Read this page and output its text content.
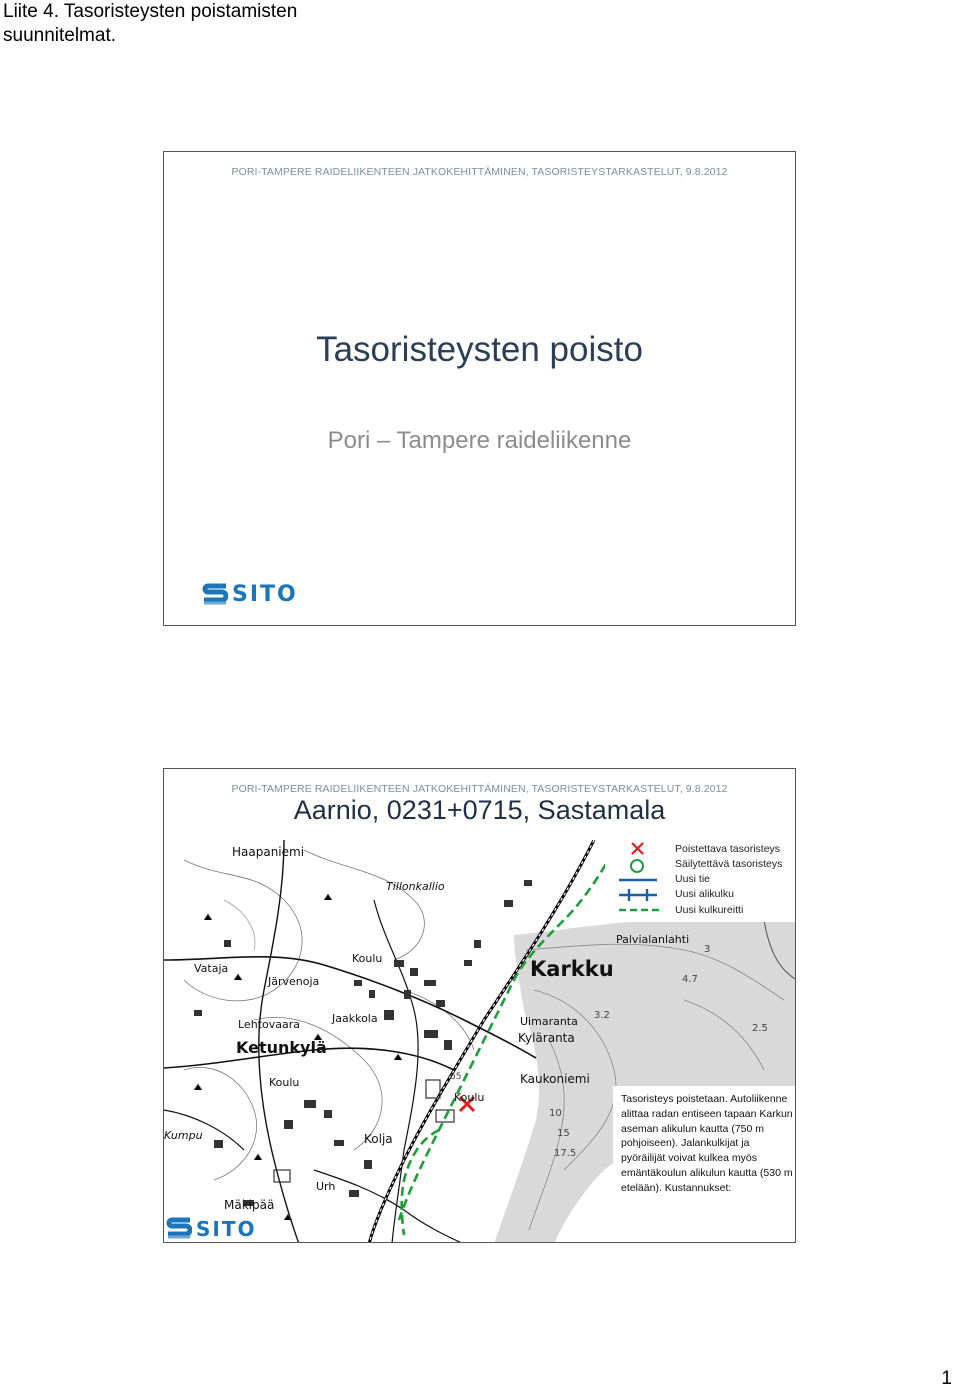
Liite 4. Tasoristeysten poistamisten suunnitelmat.
PORI-TAMPERE RAIDELIIKENTEEN JATKOKEHITTÄMINEN, TASORISTEYSTARKASTELUT, 9.8.2012
Tasoristeysten poisto
Pori – Tampere raideliikenne
SITO
PORI-TAMPERE RAIDELIIKENTEEN JATKOKEHITTÄMINEN, TASORISTEYSTARKASTELUT, 9.8.2012
Aarnio, 0231+0715, Sastamala
Haapaniemi
Tillonkallio
Palvialanlahti
Karkku
Vataja
Järvenoja
Koulu
Jaakkola
Lehtovaara
Ketunkylä
Uimaranta
Kyläranta
Kaukoniemi
Koulu
Koulu
Kolja
Kumpu
Urh
Mäkipää
3
4.7
3.2
2.5
10
15
17.5
65
Poistettava tasoristeys
Säilytettävä tasoristeys
Uusi tie
Uusi alikulku
Uusi kulkureitti
Tasoristeys poistetaan. Autoliikenne alittaa radan entiseen tapaan Karkun aseman alikulun kautta (750 m pohjoiseen). Jalankulkijat ja pyöräilijät voivat kulkea myös emäntäkoulun alikulun kautta (530 m etelään). Kustannukset:
SITO
1
